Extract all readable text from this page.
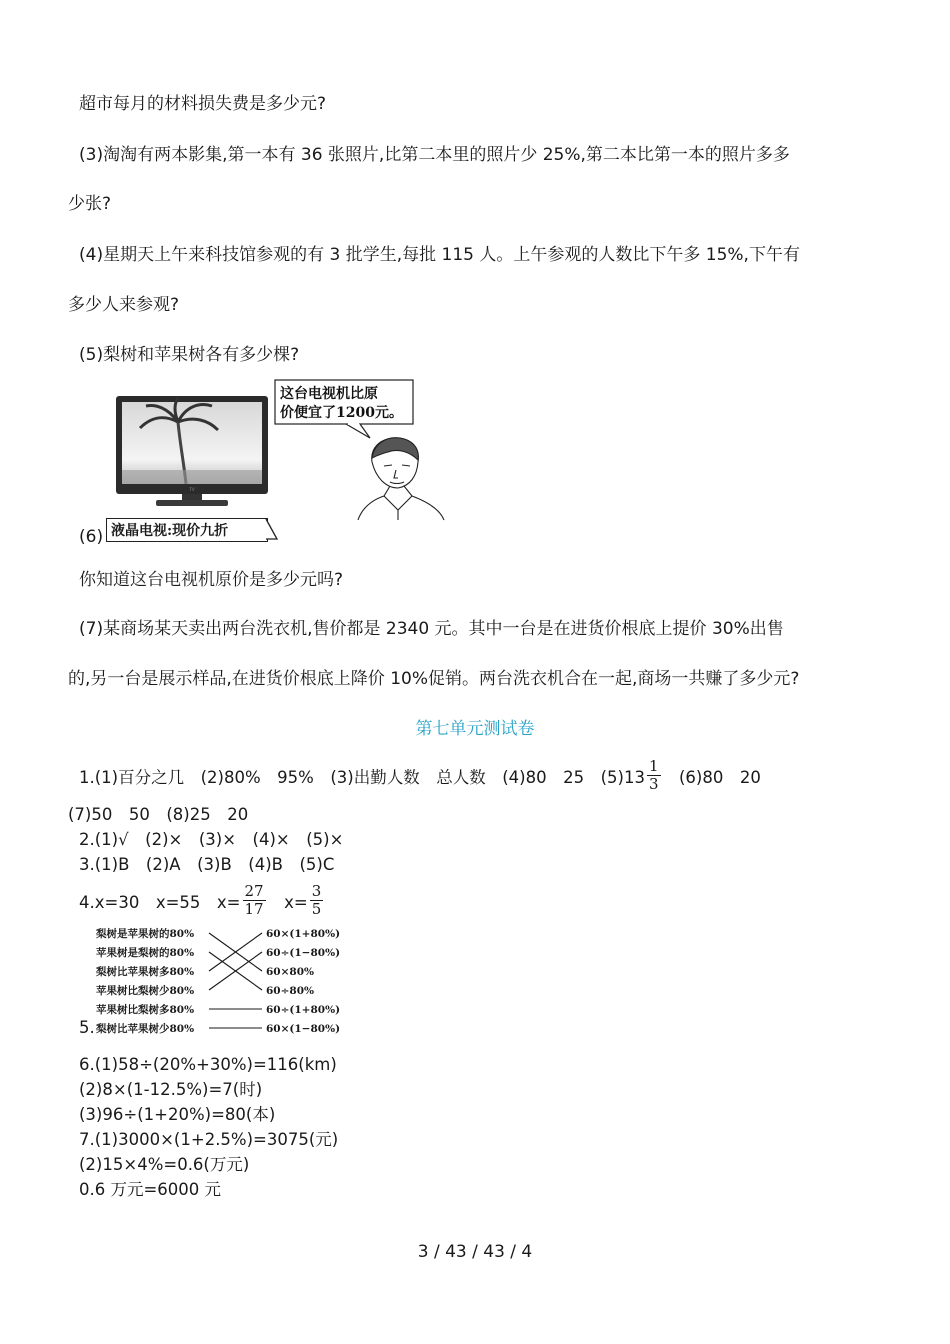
超市每月的材料损失费是多少元?
(3)淘淘有两本影集,第一本有 36 张照片,比第二本里的照片少 25%,第二本比第一本的照片多多
少张?
(4)星期天上午来科技馆参观的有 3 批学生,每批 115 人。上午参观的人数比下午多 15%,下午有
多少人来参观?
(5)梨树和苹果树各有多少棵?
TV
这台电视机比原
价便宜了1200元。
(6) 液晶电视:现价九折
你知道这台电视机原价是多少元吗?
(7)某商场某天卖出两台洗衣机,售价都是 2340 元。其中一台是在进货价根底上提价 30%出售
的,另一台是展示样品,在进货价根底上降价 10%促销。两台洗衣机合在一起,商场一共赚了多少元?
第七单元测试卷
1.(1)百分之几　(2)80%　95%　(3)出勤人数　总人数　(4)80　25　$(5)13 \frac{1}{3}$
　 (6)80　20
(7)50　50　(8)25　20
2.(1)√　(2)×　(3)×　(4)×　(5)×
3.(1)B　(2)A　(3)B　(4)B　(5)C
4.x=30　x=55　$x= \frac{27}{17}$
　 $x= \frac{3}{5}$
5.
梨树是苹果树的80%
苹果树是梨树的80%
梨树比苹果树多80%
苹果树比梨树少80%
苹果树比梨树多80%
梨树比苹果树少80%
60×(1+80%)
60÷(1−80%)
60×80%
60÷80%
60÷(1+80%)
60×(1−80%)
6.(1)58÷(20%+30%)=116(km)
(2)8×(1-12.5%)=7(时)
(3)96÷(1+20%)=80(本)
7.(1)3000×(1+2.5%)=3075(元)
(2)15×4%=0.6(万元)
0.6 万元=6000 元
3 / 43 / 43 / 4
